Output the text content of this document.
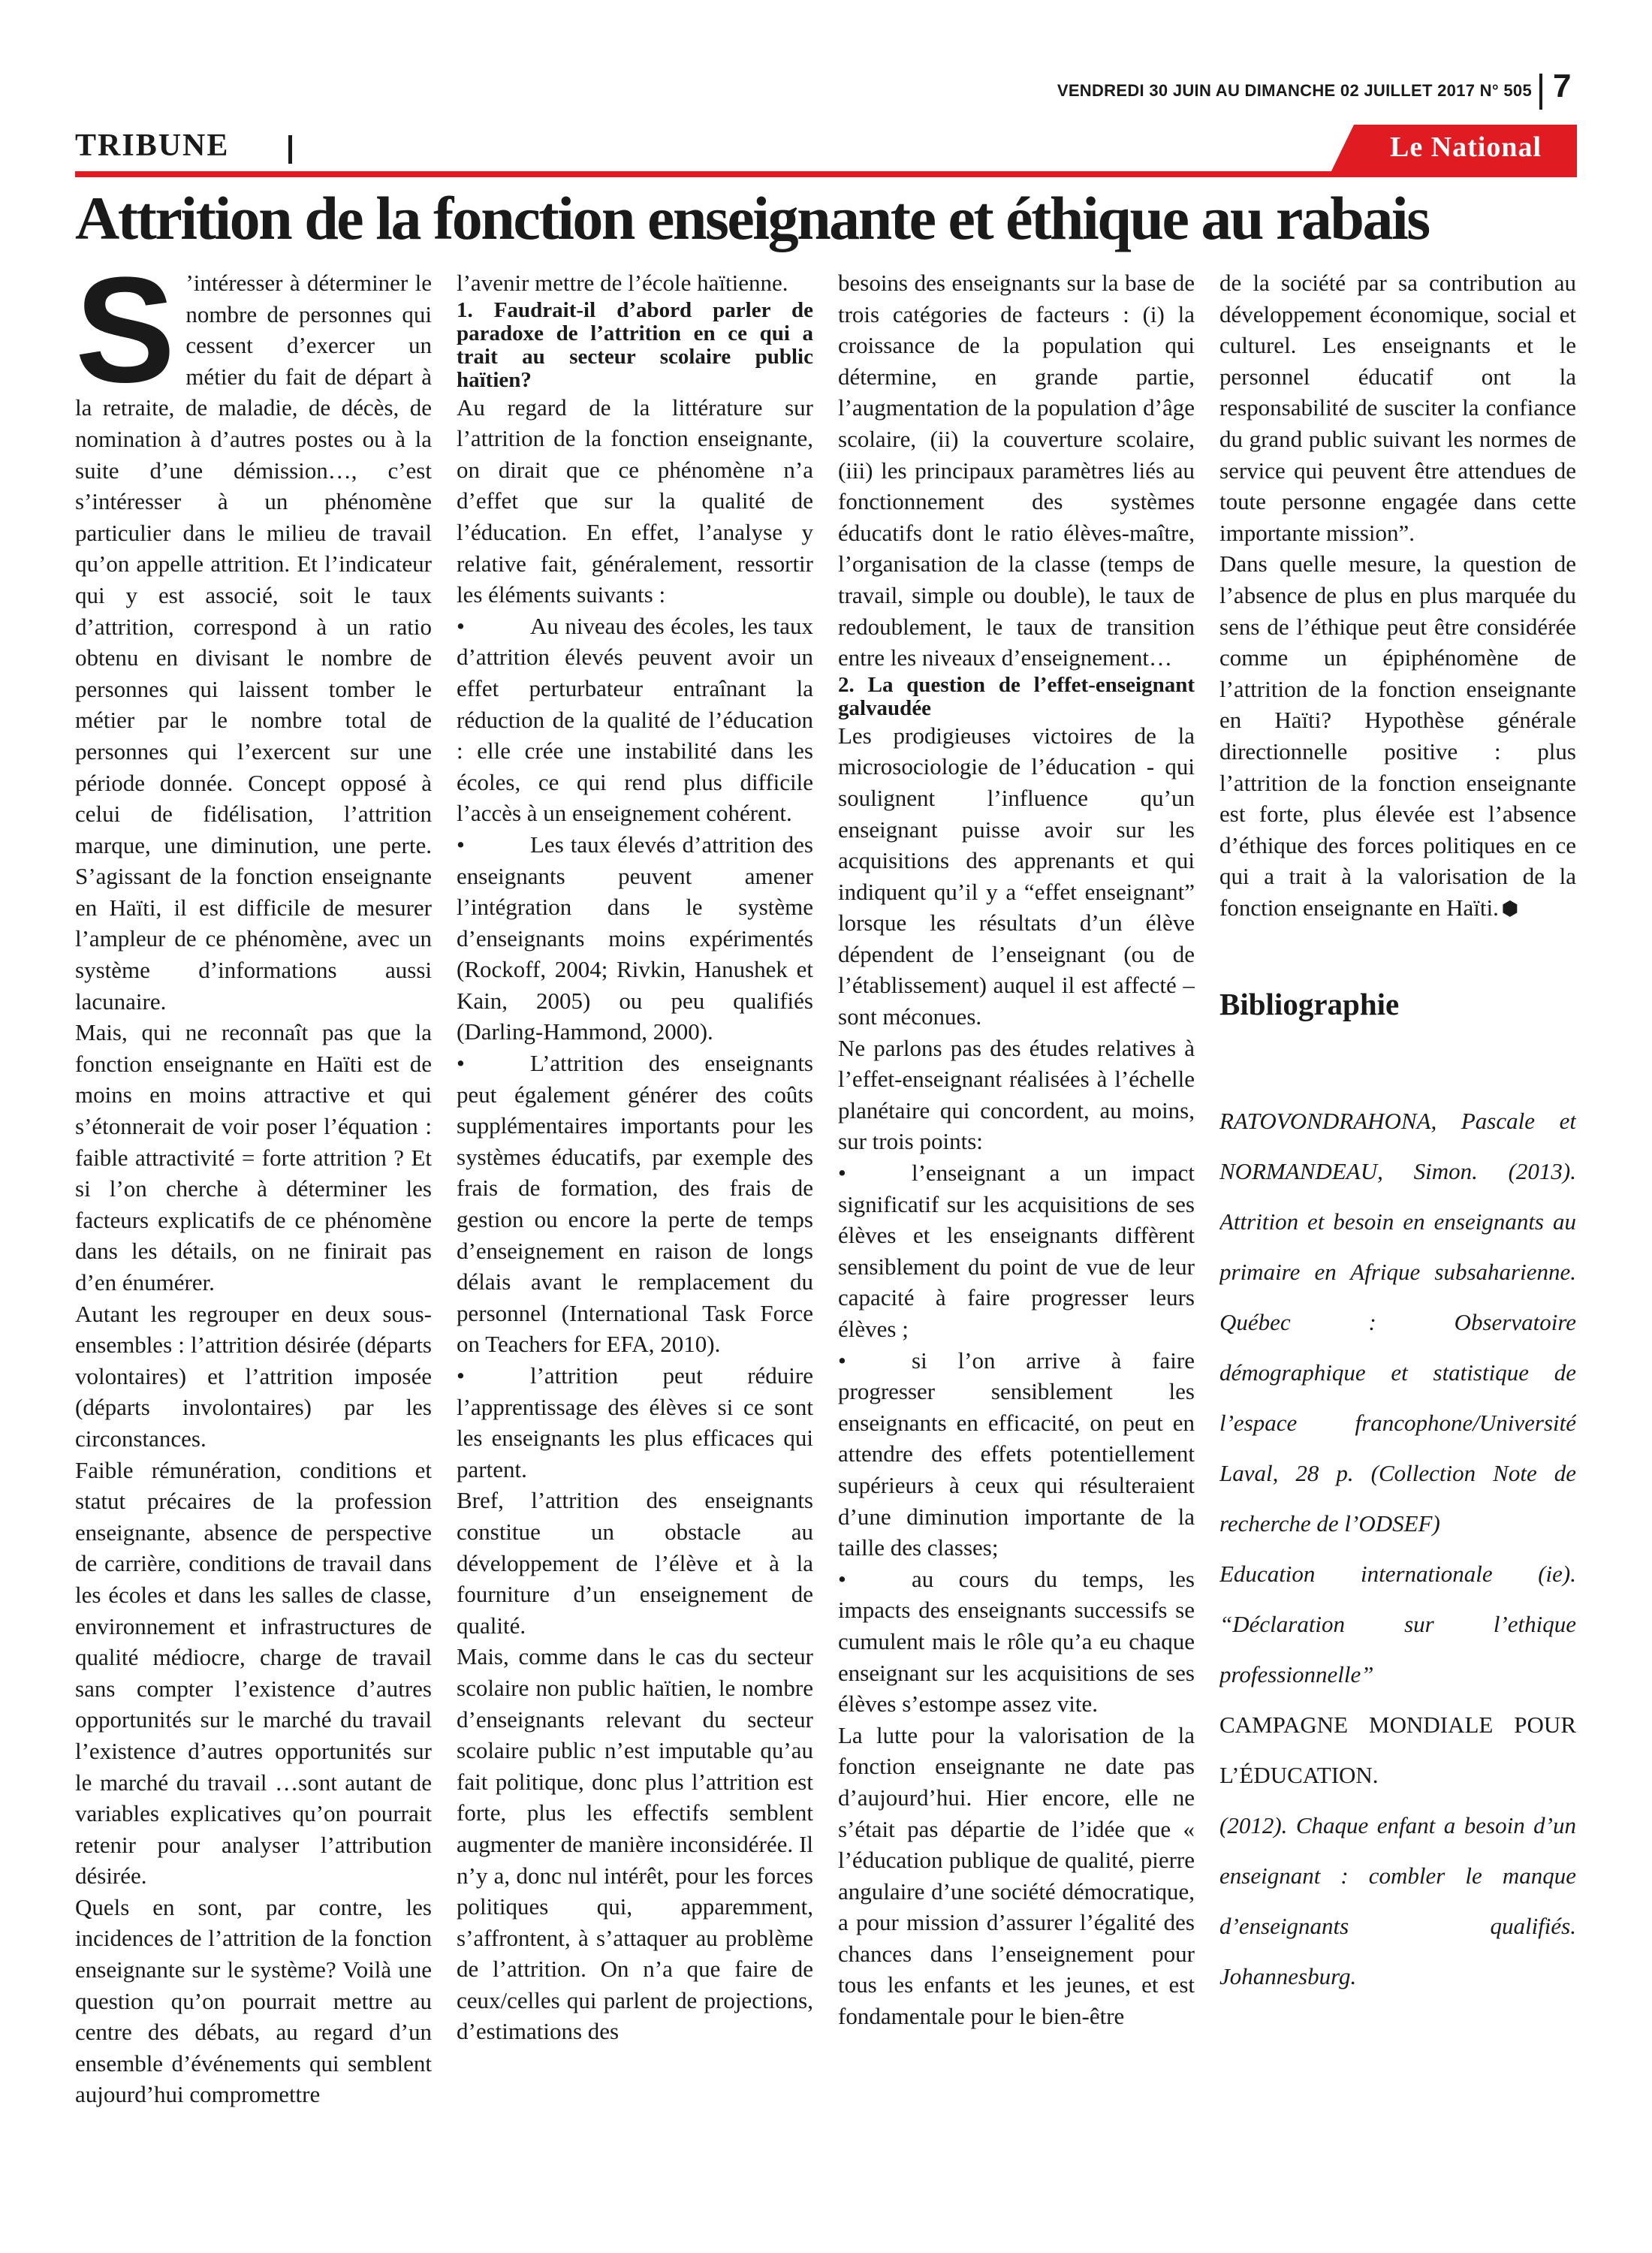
VENDREDI 30 JUIN AU DIMANCHE 02 JUILLET 2017 N° 505 7
TRIBUNE	Le National
Attrition de la fonction enseignante et éthique au rabais
S ’intéresser à déterminer le nombre de personnes qui cessent d’exercer un métier du fait de départ à la retraite, de maladie, de décès, de nomination à d’autres postes ou à la suite d’une démission…, c’est s’intéresser à un phénomène particulier dans le milieu de travail qu’on appelle attrition. Et l’indicateur qui y est associé, soit le taux d’attrition, correspond à un ratio obtenu en divisant le nombre de personnes qui laissent tomber le métier par le nombre total de personnes qui l’exercent sur une période donnée. Concept opposé à celui de fidélisation, l’attrition marque, une diminution, une perte. S’agissant de la fonction enseignante en Haïti, il est difficile de mesurer l’ampleur de ce phénomène, avec un système d’informations aussi lacunaire.

Mais, qui ne reconnaît pas que la fonction enseignante en Haïti est de moins en moins attractive et qui s’étonnerait de voir poser l’équation : faible attractivité = forte attrition ? Et si l’on cherche à déterminer les facteurs explicatifs de ce phénomène dans les détails, on ne finirait pas d’en énumérer.

Autant les regrouper en deux sous-ensembles : l’attrition désirée (départs volontaires) et l’attrition imposée (départs involontaires) par les circonstances.

Faible rémunération, conditions et statut précaires de la profession enseignante, absence de perspective de carrière, conditions de travail dans les écoles et dans les salles de classe, environnement et infrastructures de qualité médiocre, charge de travail sans compter l’existence d’autres opportunités sur le marché du travail l’existence d’autres opportunités sur le marché du travail …sont autant de variables explicatives qu’on pourrait retenir pour analyser l’attribution désirée.

Quels en sont, par contre, les incidences de l’attrition de la fonction enseignante sur le système? Voilà une question qu’on pourrait mettre au centre des débats, au regard d’un ensemble d’événements qui semblent aujourd’hui compromettre

l’avenir mettre de l’école haïtienne.

1. Faudrait-il d’abord parler de paradoxe de l’attrition en ce qui a trait au secteur scolaire public haïtien?

Au regard de la littérature sur l’attrition de la fonction enseignante, on dirait que ce phénomène n’a d’effet que sur la qualité de l’éducation. En effet, l’analyse y relative fait, généralement, ressortir les éléments suivants :

•	Au niveau des écoles, les taux d’attrition élevés peuvent avoir un effet perturbateur entraînant la réduction de la qualité de l’éducation : elle crée une instabilité dans les écoles, ce qui rend plus difficile l’accès à un enseignement cohérent.

•	Les taux élevés d’attrition des enseignants peuvent amener l’intégration dans le système d’enseignants moins expérimentés (Rockoff, 2004; Rivkin, Hanushek et Kain, 2005) ou peu qualifiés (Darling-Hammond, 2000).

•	L’attrition des enseignants peut également générer des coûts supplémentaires importants pour les systèmes éducatifs, par exemple des frais de formation, des frais de gestion ou encore la perte de temps d’enseignement en raison de longs délais avant le remplacement du personnel (International Task Force on Teachers for EFA, 2010).

•	l’attrition peut réduire l’apprentissage des élèves si ce sont les enseignants les plus efficaces qui partent.

Bref, l’attrition des enseignants constitue un obstacle au développement de l’élève et à la fourniture d’un enseignement de qualité.

Mais, comme dans le cas du secteur scolaire non public haïtien, le nombre d’enseignants relevant du secteur scolaire public n’est imputable qu’au fait politique, donc plus l’attrition est forte, plus les effectifs semblent augmenter de manière inconsidérée. Il n’y a, donc nul intérêt, pour les forces politiques qui, apparemment, s’affrontent, à s’attaquer au problème de l’attrition. On n’a que faire de ceux/celles qui parlent de projections, d’estimations des

besoins des enseignants sur la base de trois catégories de facteurs : (i) la croissance de la population qui détermine, en grande partie, l’augmentation de la population d’âge scolaire, (ii) la couverture scolaire, (iii) les principaux paramètres liés au fonctionnement des systèmes éducatifs dont le ratio élèves-maître, l’organisation de la classe (temps de travail, simple ou double), le taux de redoublement, le taux de transition entre les niveaux d’enseignement…

2. La question de l’effet-enseignant galvaudée

Les prodigieuses victoires de la microsociologie de l’éducation - qui soulignent l’influence qu’un enseignant puisse avoir sur les acquisitions des apprenants et qui indiquent qu’il y a “effet enseignant” lorsque les résultats d’un élève dépendent de l’enseignant (ou de l’établissement) auquel il est affecté – sont méconues.

Ne parlons pas des études relatives à l’effet-enseignant réalisées à l’échelle planétaire qui concordent, au moins, sur trois points:

•	l’enseignant a un impact significatif sur les acquisitions de ses élèves et les enseignants diffèrent sensiblement du point de vue de leur capacité à faire progresser leurs élèves ;

•	si l’on arrive à faire progresser sensiblement les enseignants en efficacité, on peut en attendre des effets potentiellement supérieurs à ceux qui résulteraient d’une diminution importante de la taille des classes;

•	au cours du temps, les impacts des enseignants successifs se cumulent mais le rôle qu’a eu chaque enseignant sur les acquisitions de ses élèves s’estompe assez vite.

La lutte pour la valorisation de la fonction enseignante ne date pas d’aujourd’hui. Hier encore, elle ne s’était pas départie de l’idée que « l’éducation publique de qualité, pierre angulaire d’une société démocratique, a pour mission d’assurer l’égalité des chances dans l’enseignement pour tous les enfants et les jeunes, et est fondamentale pour le bien-être

de la société par sa contribution au développement économique, social et culturel. Les enseignants et le personnel éducatif ont la responsabilité de susciter la confiance du grand public suivant les normes de service qui peuvent être attendues de toute personne engagée dans cette importante mission”.

Dans quelle mesure, la question de l’absence de plus en plus marquée du sens de l’éthique peut être considérée comme un épiphénomène de l’attrition de la fonction enseignante en Haïti? Hypothèse générale directionnelle positive : plus l’attrition de la fonction enseignante est forte, plus élevée est l’absence d’éthique des forces politiques en ce qui a trait à la valorisation de la fonction enseignante en Haïti.

Bibliographie

RATOVONDRAHONA, Pascale et NORMANDEAU, Simon. (2013). Attrition et besoin en enseignants au primaire en Afrique subsaharienne. Québec : Observatoire démographique et statistique de l’espace francophone/Université Laval, 28 p. (Collection Note de recherche de l’ODSEF)

Education internationale (ie). “Déclaration sur l’ethique professionnelle”

CAMPAGNE MONDIALE POUR L’ÉDUCATION.

(2012). Chaque enfant a besoin d’un enseignant : combler le manque d’enseignants qualifiés. Johannesburg.
